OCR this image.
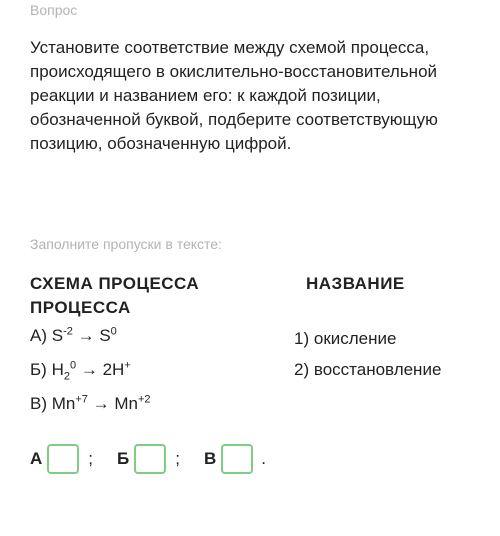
Вопрос
Установите соответствие между схемой процесса, происходящего в окислительно-восстановительной реакции и названием его: к каждой позиции, обозначенной буквой, подберите соответствующую позицию, обозначенную цифрой.
Заполните пропуски в тексте:
СХЕМА ПРОЦЕССА
ПРОЦЕССА
НАЗВАНИЕ
А) $S^{-2} \to S^0$
Б) $H_2^0 \to 2H^+$
В) $Mn^{+7} \to Mn^{+2}$
1) окисление
2) восстановление
А	; Б	; В	.
